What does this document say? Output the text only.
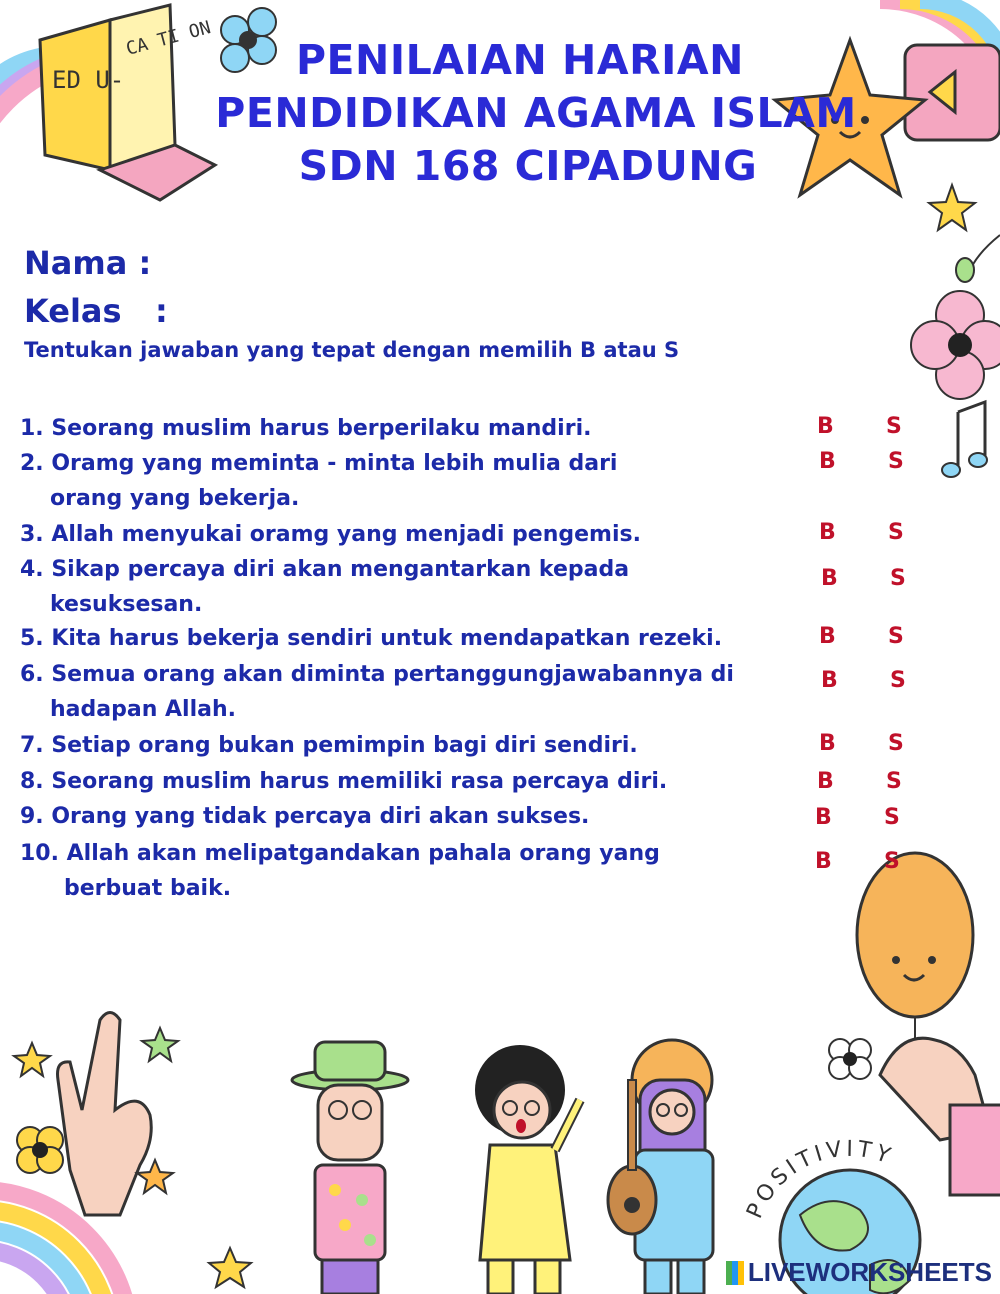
ED U-
CA TI ON
POSITIVITY
PENILAIAN HARIAN
PENDIDIKAN AGAMA ISLAM
SDN 168 CIPADUNG
Nama :
Kelas   :
Tentukan jawaban yang tepat dengan memilih B atau S
1. Seorang muslim harus berperilaku mandiri.	B S
2. Oramg yang meminta - minta lebih mulia dari
orang yang bekerja.
B S
3. Allah menyukai oramg yang menjadi pengemis.	B S
4. Sikap percaya diri akan mengantarkan kepada
kesuksesan.
B S
5. Kita harus bekerja sendiri untuk mendapatkan rezeki.	B S
6. Semua orang akan diminta pertanggungjawabannya di
hadapan Allah.
B S
7. Setiap orang bukan pemimpin bagi diri sendiri.	B S
8. Seorang muslim harus memiliki rasa percaya diri.	B S
9. Orang yang tidak percaya diri akan sukses.	B S
10. Allah akan melipatgandakan pahala orang yang
berbuat baik.
B S
LIVEWORKSHEETS
